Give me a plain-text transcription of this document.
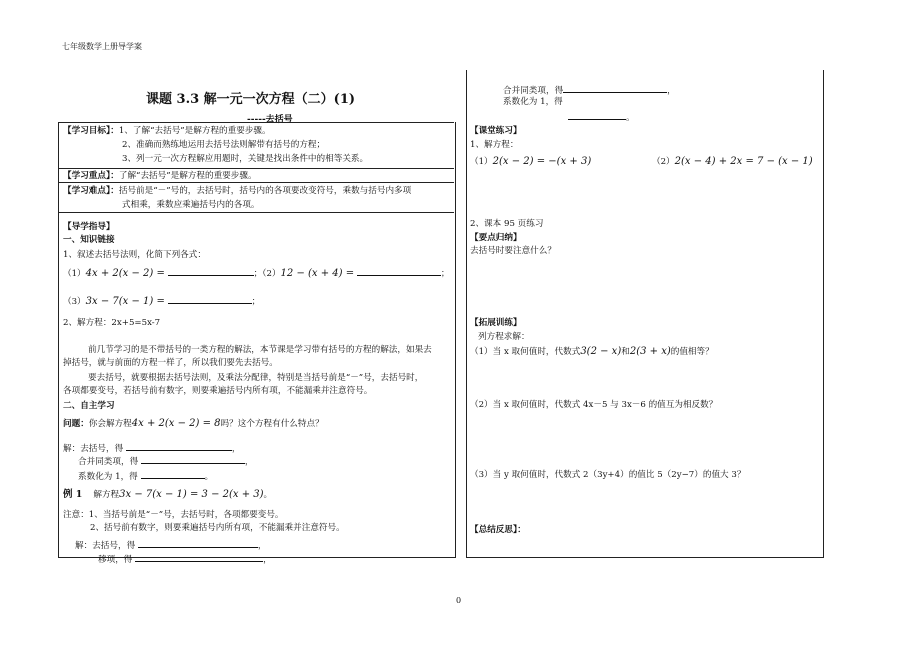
七年级数学上册导学案
课题 3.3 解一元一次方程（二）(1)
-----去括号
【学习目标】：1、了解“去括号”是解方程的重要步骤。
2、准确而熟练地运用去括号法则解带有括号的方程；
3、列一元一次方程解应用题时，关键是找出条件中的相等关系。
【学习重点】：了解“去括号”是解方程的重要步骤。
【学习难点】：括号前是“－”号的，去括号时，括号内的各项要改变符号，乘数与括号内多项
式相乘，乘数应乘遍括号内的各项。
【导学指导】
一、知识链接
1、叙述去括号法则，化简下列各式：
（1）4x + 2(x − 2) =	；（2）12 − (x + 4) =	；
（3）3x − 7(x − 1) =	；
2、解方程：2x+5=5x-7
前几节学习的是不带括号的一类方程的解法，本节课是学习带有括号的方程的解法，如果去
掉括号，就与前面的方程一样了，所以我们要先去括号。
要去括号，就要根据去括号法则，及乘法分配律，特别是当括号前是“－”号，去括号时，
各项都要变号，若括号前有数字，则要乘遍括号内所有项，不能漏乘并注意符号。
二、自主学习
问题：你会解方程4x + 2(x − 2) = 8吗？这个方程有什么特点？
解：去括号，得	，
合并同类项，得	，
系数化为 1，得	。
例 1 解方程3x − 7(x − 1) = 3 − 2(x + 3)。
注意：1、当括号前是“－”号，去括号时，各项都要变号。
2、括号前有数字，则要乘遍括号内所有项，不能漏乘并注意符号。
解：去括号，得	，
移项，得	，
合并同类项，得	，
系数化为 1，得
。
【课堂练习】
1、解方程：
（1）2(x − 2) = −(x + 3)	（2）2(x − 4) + 2x = 7 − (x − 1)
2、课本 95 页练习
【要点归纳】
去括号时要注意什么？
【拓展训练】
列方程求解：
（1）当 x 取何值时，代数式3(2 − x)和2(3 + x)的值相等？
（2）当 x 取何值时，代数式 4x－5 与 3x－6 的值互为相反数？
（3）当 y 取何值时，代数式 2（3y+4）的值比 5（2y−7）的值大 3？
【总结反思】：
0
